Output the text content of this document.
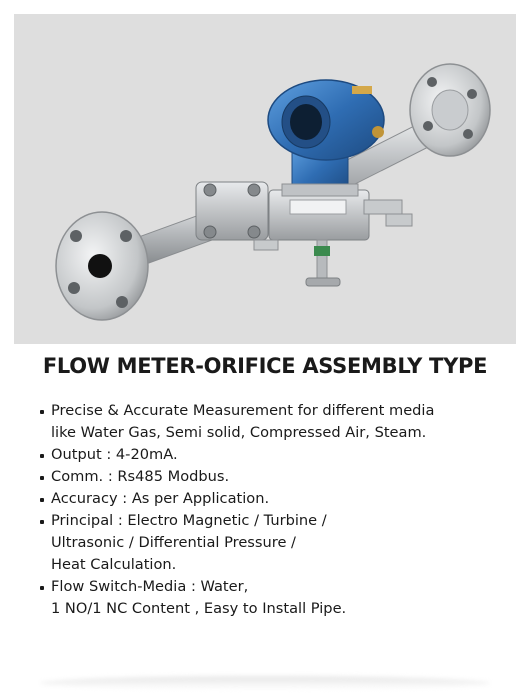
FLOW METER-ORIFICE ASSEMBLY TYPE
Precise & Accurate Measurement for different media
like Water Gas, Semi solid, Compressed Air, Steam.
Output : 4-20mA.
Comm. : Rs485 Modbus.
Accuracy : As per Application.
Principal : Electro Magnetic / Turbine /
Ultrasonic / Differential Pressure /
Heat Calculation.
Flow Switch-Media : Water,
1 NO/1 NC Content , Easy to Install Pipe.
